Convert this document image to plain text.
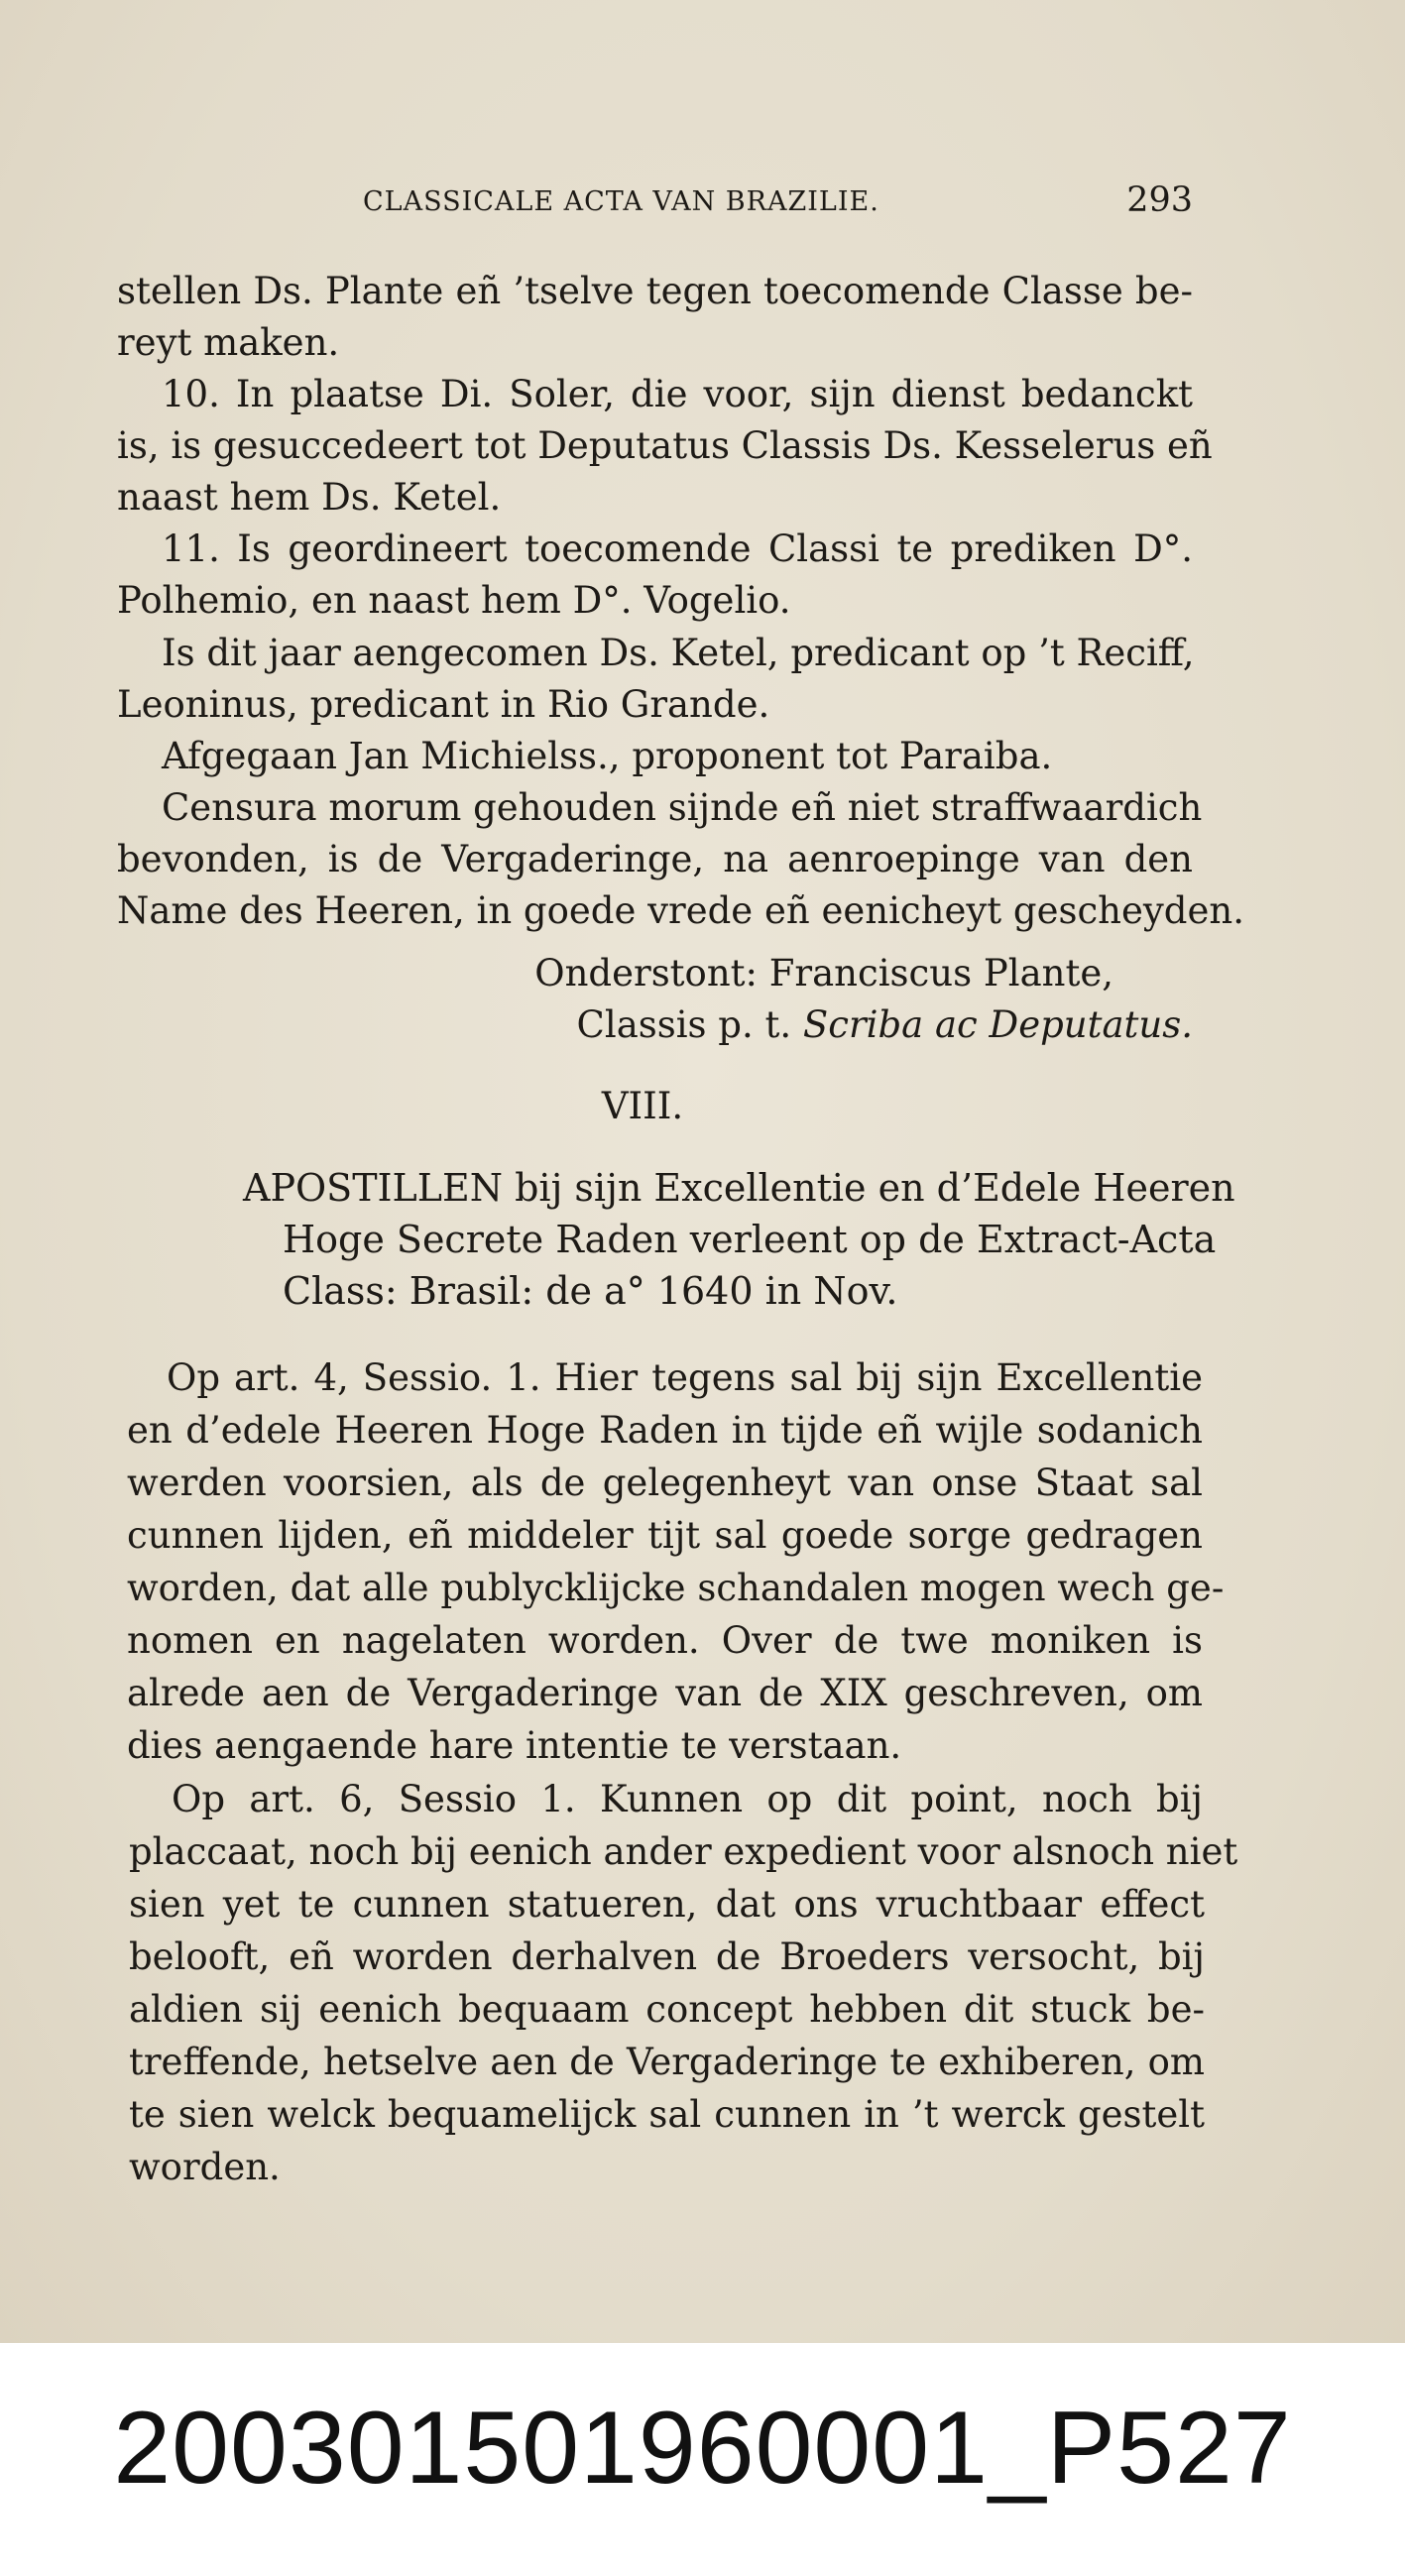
CLASSICALE ACTA VAN BRAZILIE.	293
stellen Ds. Plante eñ ’tselve tegen toecomende Classe be-
reyt maken.
10. In plaatse Di. Soler, die voor, sijn dienst bedanckt
is, is gesuccedeert tot Deputatus Classis Ds. Kesselerus eñ
naast hem Ds. Ketel.
11. Is geordineert toecomende Classi te prediken D°.
Polhemio, en naast hem D°. Vogelio.
Is dit jaar aengecomen Ds. Ketel, predicant op ’t Reciff,
Leoninus, predicant in Rio Grande.
Afgegaan Jan Michielss., proponent tot Paraiba.
Censura morum gehouden sijnde eñ niet straffwaardich
bevonden, is de Vergaderinge, na aenroepinge van den
Name des Heeren, in goede vrede eñ eenicheyt gescheyden.
Onderstont: Franciscus Plante,
Classis p. t. Scriba ac Deputatus.
VIII.
APOSTILLEN bij sijn Excellentie en d’Edele Heeren
Hoge Secrete Raden verleent op de Extract-Acta
Class: Brasil: de a° 1640 in Nov.
Op art. 4, Sessio. 1. Hier tegens sal bij sijn Excellentie
en d’edele Heeren Hoge Raden in tijde eñ wijle sodanich
werden voorsien, als de gelegenheyt van onse Staat sal
cunnen lijden, eñ middeler tijt sal goede sorge gedragen
worden, dat alle publycklijcke schandalen mogen wech ge-
nomen en nagelaten worden. Over de twe moniken is
alrede aen de Vergaderinge van de XIX geschreven, om
dies aengaende hare intentie te verstaan.
Op art. 6, Sessio 1. Kunnen op dit point, noch bij
placcaat, noch bij eenich ander expedient voor alsnoch niet
sien yet te cunnen statueren, dat ons vruchtbaar effect
belooft, eñ worden derhalven de Broeders versocht, bij
aldien sij eenich bequaam concept hebben dit stuck be-
treffende, hetselve aen de Vergaderinge te exhiberen, om
te sien welck bequamelijck sal cunnen in ’t werck gestelt
worden.
20030150196000​1_P527
